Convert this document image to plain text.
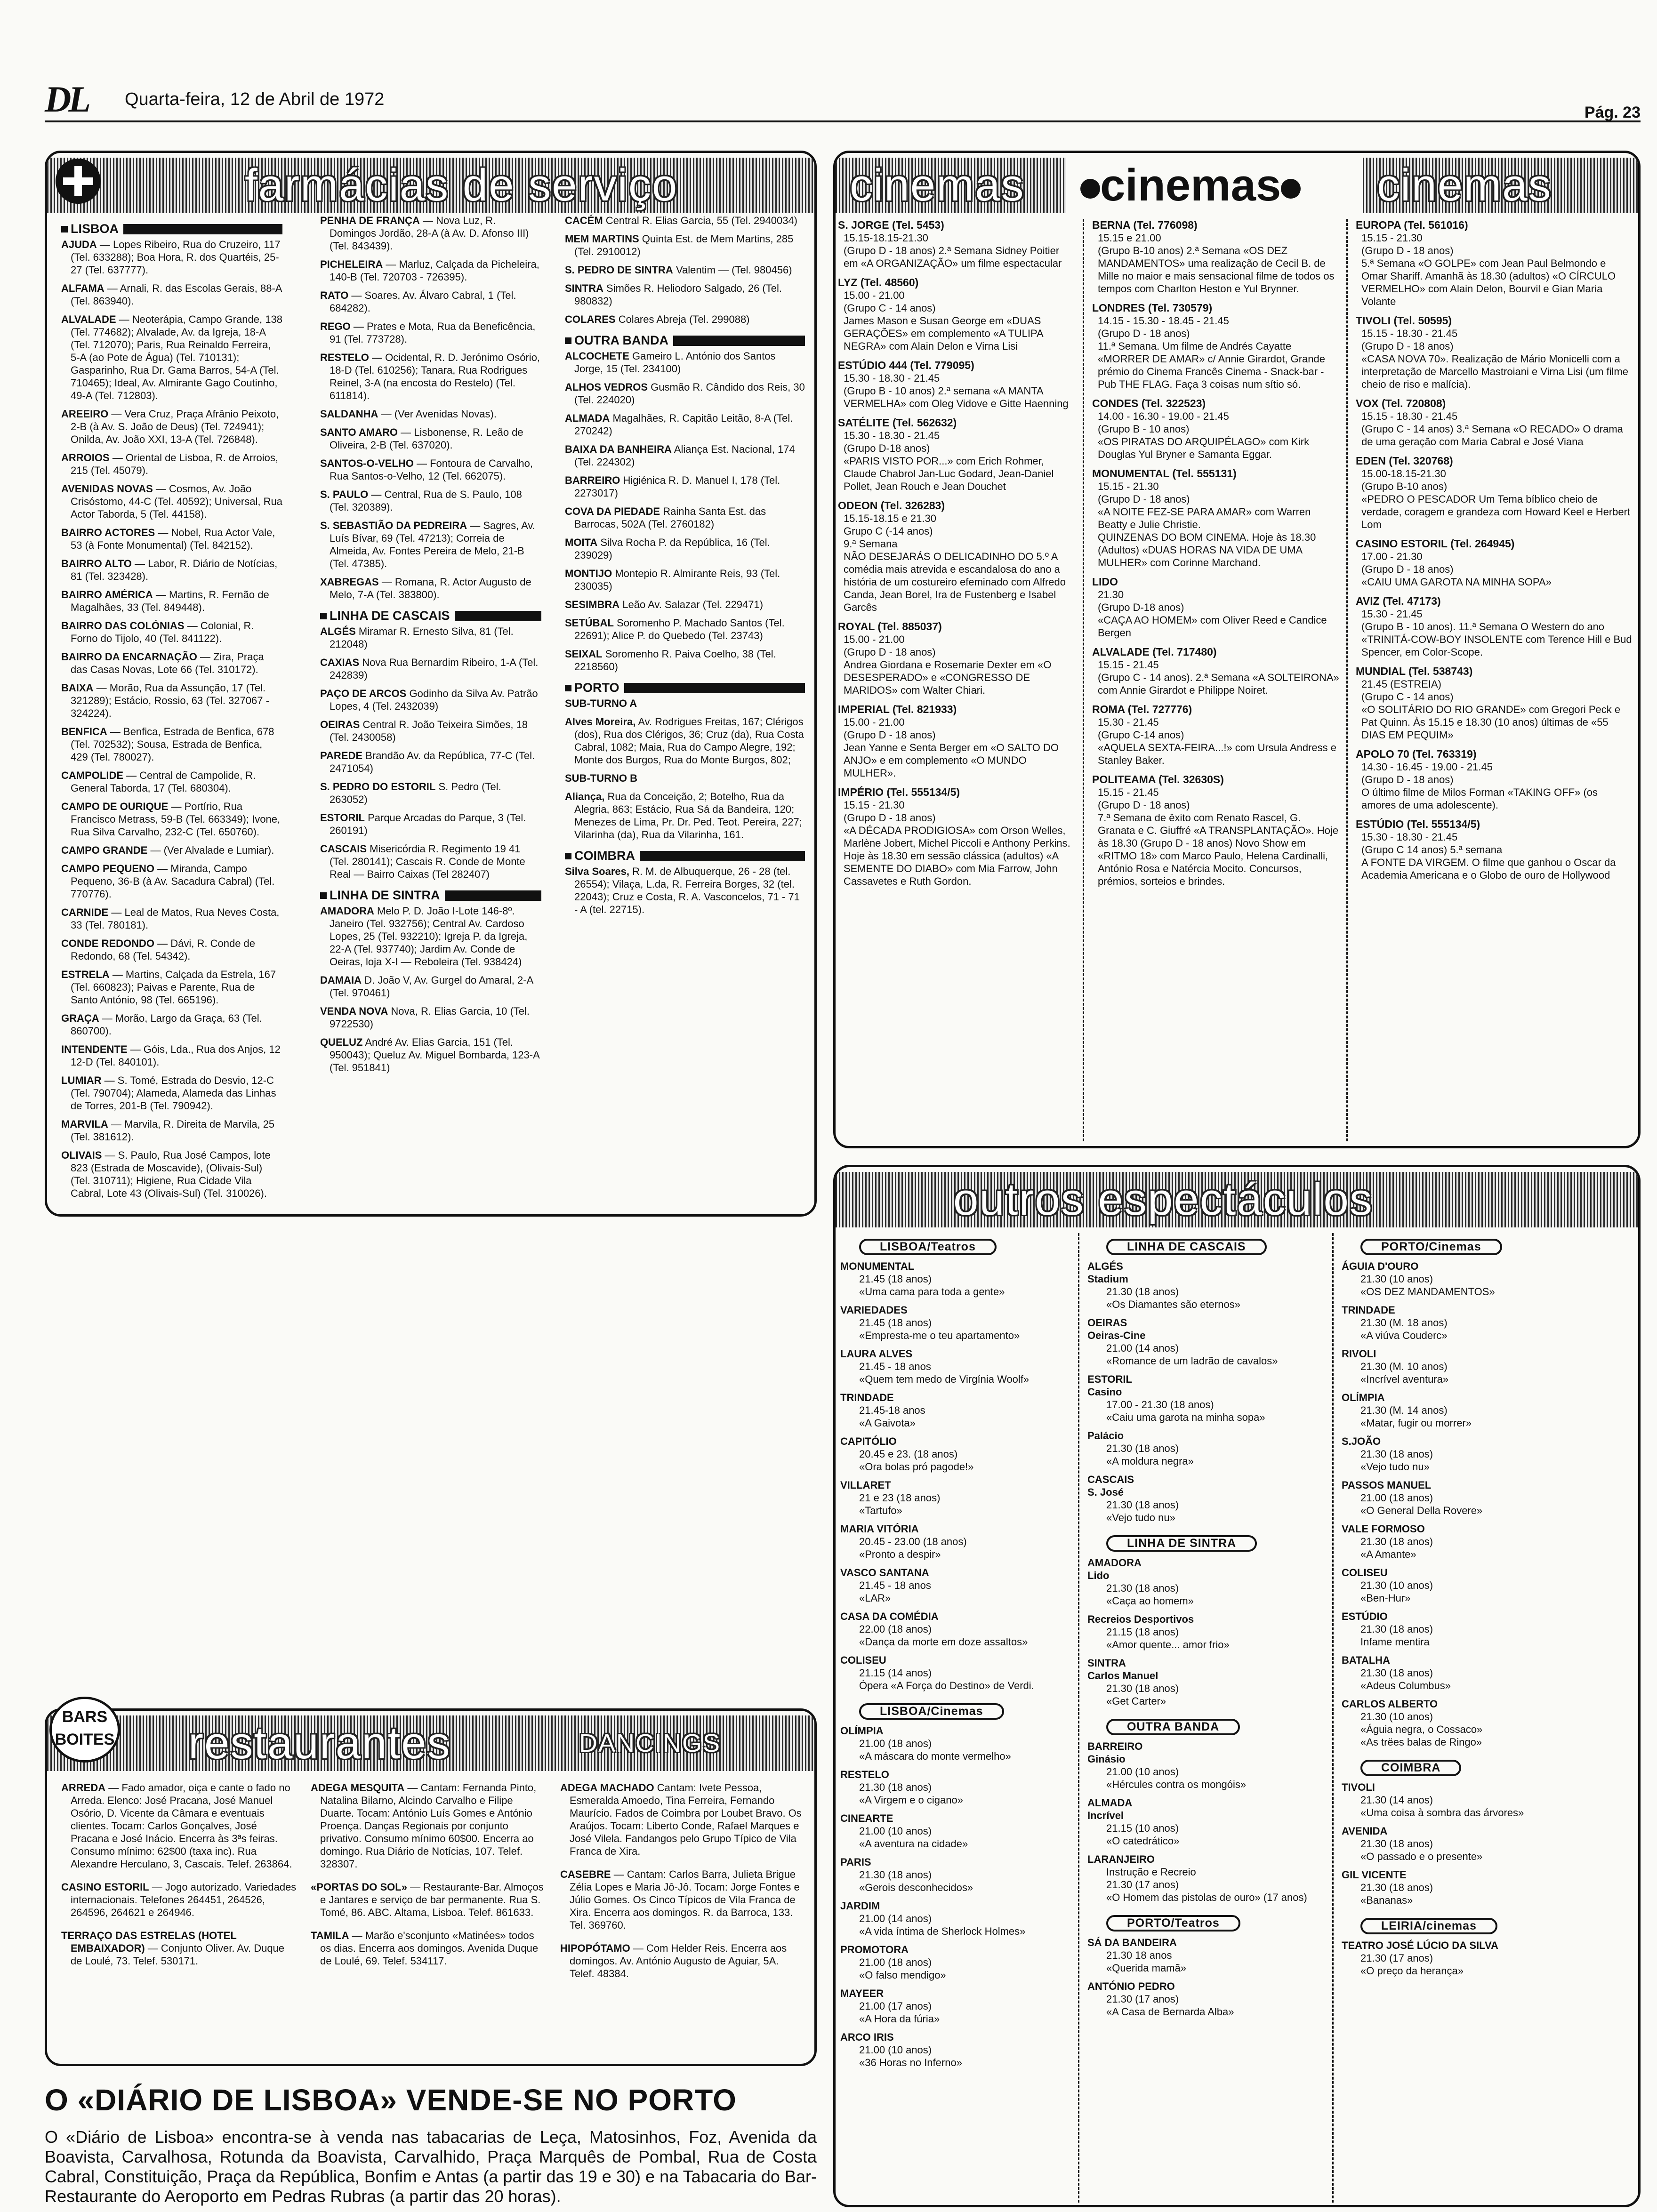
DL Quarta-feira, 12 de Abril de 1972
Pág. 23
farmácias de serviço
LISBOA
AJUDA — Lopes Ribeiro, Rua do Cruzeiro, 117 (Tel. 633288); Boa Hora, R. dos Quartéis, 25-27 (Tel. 637777).
ALFAMA — Arnali, R. das Escolas Gerais, 88-A (Tel. 863940).
ALVALADE — Neoterápia, Campo Grande, 138 (Tel. 774682); Alvalade, Av. da Igreja, 18-A (Tel. 712070); Paris, Rua Reinaldo Ferreira, 5-A (ao Pote de Água) (Tel. 710131); Gasparinho, Rua Dr. Gama Barros, 54-A (Tel. 710465); Ideal, Av. Almirante Gago Coutinho, 49-A (Tel. 712803).
AREEIRO — Vera Cruz, Praça Afrânio Peixoto, 2-B (à Av. S. João de Deus) (Tel. 724941); Onilda, Av. João XXI, 13-A (Tel. 726848).
ARROIOS — Oriental de Lisboa, R. de Arroios, 215 (Tel. 45079).
AVENIDAS NOVAS — Cosmos, Av. João Crisóstomo, 44-C (Tel. 40592); Universal, Rua Actor Taborda, 5 (Tel. 44158).
BAIRRO ACTORES — Nobel, Rua Actor Vale, 53 (à Fonte Monumental) (Tel. 842152).
BAIRRO ALTO — Labor, R. Diário de Notícias, 81 (Tel. 323428).
BAIRRO AMÉRICA — Martins, R. Fernão de Magalhães, 33 (Tel. 849448).
BAIRRO DAS COLÓNIAS — Colonial, R. Forno do Tijolo, 40 (Tel. 841122).
BAIRRO DA ENCARNAÇÃO — Zira, Praça das Casas Novas, Lote 66 (Tel. 310172).
BAIXA — Morão, Rua da Assunção, 17 (Tel. 321289); Estácio, Rossio, 63 (Tel. 327067 - 324224).
BENFICA — Benfica, Estrada de Benfica, 678 (Tel. 702532); Sousa, Estrada de Benfica, 429 (Tel. 780027).
CAMPOLIDE — Central de Campolide, R. General Taborda, 17 (Tel. 680304).
CAMPO DE OURIQUE — Portírio, Rua Francisco Metrass, 59-B (Tel. 663349); Ivone, Rua Silva Carvalho, 232-C (Tel. 650760).
CAMPO GRANDE — (Ver Alvalade e Lumiar).
CAMPO PEQUENO — Miranda, Campo Pequeno, 36-B (à Av. Sacadura Cabral) (Tel. 770776).
CARNIDE — Leal de Matos, Rua Neves Costa, 33 (Tel. 780181).
CONDE REDONDO — Dávi, R. Conde de Redondo, 68 (Tel. 54342).
ESTRELA — Martins, Calçada da Estrela, 167 (Tel. 660823); Paivas e Parente, Rua de Santo António, 98 (Tel. 665196).
GRAÇA — Morão, Largo da Graça, 63 (Tel. 860700).
INTENDENTE — Góis, Lda., Rua dos Anjos, 12 12-D (Tel. 840101).
LUMIAR — S. Tomé, Estrada do Desvio, 12-C (Tel. 790704); Alameda, Alameda das Linhas de Torres, 201-B (Tel. 790942).
MARVILA — Marvila, R. Direita de Marvila, 25 (Tel. 381612).
OLIVAIS — S. Paulo, Rua José Campos, lote 823 (Estrada de Moscavide), (Olivais-Sul) (Tel. 310711); Higiene, Rua Cidade Vila Cabral, Lote 43 (Olivais-Sul) (Tel. 310026).
PENHA DE FRANÇA — Nova Luz, R. Domingos Jordão, 28-A (à Av. D. Afonso III) (Tel. 843439).
PICHELEIRA — Marluz, Calçada da Picheleira, 140-B (Tel. 720703 - 726395).
RATO — Soares, Av. Álvaro Cabral, 1 (Tel. 684282).
REGO — Prates e Mota, Rua da Beneficência, 91 (Tel. 773728).
RESTELO — Ocidental, R. D. Jerónimo Osório, 18-D (Tel. 610256); Tanara, Rua Rodrigues Reinel, 3-A (na encosta do Restelo) (Tel. 611814).
SALDANHA — (Ver Avenidas Novas).
SANTO AMARO — Lisbonense, R. Leão de Oliveira, 2-B (Tel. 637020).
SANTOS-O-VELHO — Fontoura de Carvalho, Rua Santos-o-Velho, 12 (Tel. 662075).
S. PAULO — Central, Rua de S. Paulo, 108 (Tel. 320389).
S. SEBASTIÃO DA PEDREIRA — Sagres, Av. Luís Bívar, 69 (Tel. 47213); Correia de Almeida, Av. Fontes Pereira de Melo, 21-B (Tel. 47385).
XABREGAS — Romana, R. Actor Augusto de Melo, 7-A (Tel. 383800).
LINHA DE CASCAIS
ALGÉS Miramar R. Ernesto Silva, 81 (Tel. 212048)
CAXIAS Nova Rua Bernardim Ribeiro, 1-A (Tel. 242839)
PAÇO DE ARCOS Godinho da Silva Av. Patrão Lopes, 4 (Tel. 2432039)
OEIRAS Central R. João Teixeira Simões, 18 (Tel. 2430058)
PAREDE Brandão Av. da República, 77-C (Tel. 2471054)
S. PEDRO DO ESTORIL S. Pedro (Tel. 263052)
ESTORIL Parque Arcadas do Parque, 3 (Tel. 260191)
CASCAIS Misericórdia R. Regimento 19 41 (Tel. 280141); Cascais R. Conde de Monte Real — Bairro Caixas (Tel 282407)
LINHA DE SINTRA
AMADORA Melo P. D. João I-Lote 146-8º. Janeiro (Tel. 932756); Central Av. Cardoso Lopes, 25 (Tel. 932210); Igreja P. da Igreja, 22-A (Tel. 937740); Jardim Av. Conde de Oeiras, loja X-I — Reboleira (Tel. 938424)
DAMAIA D. João V, Av. Gurgel do Amaral, 2-A (Tel. 970461)
VENDA NOVA Nova, R. Elias Garcia, 10 (Tel. 9722530)
QUELUZ André Av. Elias Garcia, 151 (Tel. 950043); Queluz Av. Miguel Bombarda, 123-A (Tel. 951841)
CACÉM Central R. Elias Garcia, 55 (Tel. 2940034)
MEM MARTINS Quinta Est. de Mem Martins, 285 (Tel. 2910012)
S. PEDRO DE SINTRA Valentim — (Tel. 980456)
SINTRA Simões R. Heliodoro Salgado, 26 (Tel. 980832)
COLARES Colares Abreja (Tel. 299088)
OUTRA BANDA
ALCOCHETE Gameiro L. António dos Santos Jorge, 15 (Tel. 234100)
ALHOS VEDROS Gusmão R. Cândido dos Reis, 30 (Tel. 224020)
ALMADA Magalhães, R. Capitão Leitão, 8-A (Tel. 270242)
BAIXA DA BANHEIRA Aliança Est. Nacional, 174 (Tel. 224302)
BARREIRO Higiénica R. D. Manuel I, 178 (Tel. 2273017)
COVA DA PIEDADE Rainha Santa Est. das Barrocas, 502A (Tel. 2760182)
MOITA Silva Rocha P. da República, 16 (Tel. 239029)
MONTIJO Montepio R. Almirante Reis, 93 (Tel. 230035)
SESIMBRA Leão Av. Salazar (Tel. 229471)
SETÚBAL Soromenho P. Machado Santos (Tel. 22691); Alice P. do Quebedo (Tel. 23743)
SEIXAL Soromenho R. Paiva Coelho, 38 (Tel. 2218560)
PORTO
SUB-TURNO A
Alves Moreira, Av. Rodrigues Freitas, 167; Clérigos (dos), Rua dos Clérigos, 36; Cruz (da), Rua Costa Cabral, 1082; Maia, Rua do Campo Alegre, 192; Monte dos Burgos, Rua do Monte Burgos, 802;
SUB-TURNO B
Aliança, Rua da Conceição, 2; Botelho, Rua da Alegria, 863; Estácio, Rua Sá da Bandeira, 120; Menezes de Lima, Pr. Dr. Ped. Teot. Pereira, 227; Vilarinha (da), Rua da Vilarinha, 161.
COIMBRA
Silva Soares, R. M. de Albuquerque, 26 - 28 (tel. 26554); Vilaça, L.da, R. Ferreira Borges, 32 (tel. 22043); Cruz e Costa, R. A. Vasconcelos, 71 - 71 - A (tel. 22715).
cinemas	cinemas	cinemas
S. JORGE (Tel. 5453)
15.15-18.15-21.30
(Grupo D - 18 anos) 2.ª Semana Sidney Poitier em «A ORGANIZAÇÃO» um filme espectacular
LYZ (Tel. 48560)
15.00 - 21.00
(Grupo C - 14 anos)
James Mason e Susan George em «DUAS GERAÇÕES» em complemento «A TULIPA NEGRA» com Alain Delon e Virna Lisi
ESTÚDIO 444 (Tel. 779095)
15.30 - 18.30 - 21.45
(Grupo B - 10 anos) 2.ª semana «A MANTA VERMELHA» com Oleg Vidove e Gitte Haenning
SATÉLITE (Tel. 562632)
15.30 - 18.30 - 21.45
(Grupo D-18 anos)
«PARIS VISTO POR...» com Erich Rohmer, Claude Chabrol Jan-Luc Godard, Jean-Daniel Pollet, Jean Rouch e Jean Douchet
ODEON (Tel. 326283)
15.15-18.15 e 21.30
Grupo C (-14 anos)
9.ª Semana
NÃO DESEJARÁS O DELICADINHO DO 5.º A comédia mais atrevida e escandalosa do ano a história de um costureiro efeminado com Alfredo Canda, Jean Borel, Ira de Fustenberg e Isabel Garcês
ROYAL (Tel. 885037)
15.00 - 21.00
(Grupo D - 18 anos)
Andrea Giordana e Rosemarie Dexter em «O DESESPERADO» e «CONGRESSO DE MARIDOS» com Walter Chiari.
IMPERIAL (Tel. 821933)
15.00 - 21.00
(Grupo D - 18 anos)
Jean Yanne e Senta Berger em «O SALTO DO ANJO» e em complemento «O MUNDO MULHER».
IMPÉRIO (Tel. 555134/5)
15.15 - 21.30
(Grupo D - 18 anos)
«A DÉCADA PRODIGIOSA» com Orson Welles, Marlène Jobert, Michel Piccoli e Anthony Perkins. Hoje às 18.30 em sessão clássica (adultos) «A SEMENTE DO DIABO» com Mia Farrow, John Cassavetes e Ruth Gordon.
BERNA (Tel. 776098)
15.15 e 21.00
(Grupo B-10 anos) 2.ª Semana «OS DEZ MANDAMENTOS» uma realização de Cecil B. de Mille no maior e mais sensacional filme de todos os tempos com Charlton Heston e Yul Brynner.
LONDRES (Tel. 730579)
14.15 - 15.30 - 18.45 - 21.45
(Grupo D - 18 anos)
11.ª Semana. Um filme de Andrés Cayatte «MORRER DE AMAR» c/ Annie Girardot, Grande prémio do Cinema Francês Cinema - Snack-bar - Pub THE FLAG. Faça 3 coisas num sítio só.
CONDES (Tel. 322523)
14.00 - 16.30 - 19.00 - 21.45
(Grupo B - 10 anos)
«OS PIRATAS DO ARQUIPÉLAGO» com Kirk Douglas Yul Bryner e Samanta Eggar.
MONUMENTAL (Tel. 555131)
15.15 - 21.30
(Grupo D - 18 anos)
«A NOITE FEZ-SE PARA AMAR» com Warren Beatty e Julie Christie.
QUINZENAS DO BOM CINEMA. Hoje às 18.30 (Adultos) «DUAS HORAS NA VIDA DE UMA MULHER» com Corinne Marchand.
LIDO
21.30
(Grupo D-18 anos)
«CAÇA AO HOMEM» com Oliver Reed e Candice Bergen
ALVALADE (Tel. 717480)
15.15 - 21.45
(Grupo C - 14 anos). 2.ª Semana «A SOLTEIRONA» com Annie Girardot e Philippe Noiret.
ROMA (Tel. 727776)
15.30 - 21.45
(Grupo C-14 anos)
«AQUELA SEXTA-FEIRA...!» com Ursula Andress e Stanley Baker.
POLITEAMA (Tel. 32630S)
15.15 - 21.45
(Grupo D - 18 anos)
7.ª Semana de êxito com Renato Rascel, G. Granata e C. Giuffré «A TRANSPLANTAÇÃO». Hoje às 18.30 (Grupo D - 18 anos) Novo Show em «RITMO 18» com Marco Paulo, Helena Cardinalli, António Rosa e Natércia Mocito. Concursos, prémios, sorteios e brindes.
EUROPA (Tel. 561016)
15.15 - 21.30
(Grupo D - 18 anos)
5.ª Semana «O GOLPE» com Jean Paul Belmondo e Omar Shariff. Amanhã às 18.30 (adultos) «O CÍRCULO VERMELHO» com Alain Delon, Bourvil e Gian Maria Volante
TIVOLI (Tel. 50595)
15.15 - 18.30 - 21.45
(Grupo D - 18 anos)
«CASA NOVA 70». Realização de Mário Monicelli com a interpretação de Marcello Mastroiani e Virna Lisi (um filme cheio de riso e malícia).
VOX (Tel. 720808)
15.15 - 18.30 - 21.45
(Grupo C - 14 anos) 3.ª Semana «O RECADO» O drama de uma geração com Maria Cabral e José Viana
EDEN (Tel. 320768)
15.00-18.15-21.30
(Grupo B-10 anos)
«PEDRO O PESCADOR Um Tema bíblico cheio de verdade, coragem e grandeza com Howard Keel e Herbert Lom
CASINO ESTORIL (Tel. 264945)
17.00 - 21.30
(Grupo D - 18 anos)
«CAIU UMA GAROTA NA MINHA SOPA»
AVIZ (Tel. 47173)
15.30 - 21.45
(Grupo B - 10 anos). 11.ª Semana O Western do ano «TRINITÁ-COW-BOY INSOLENTE com Terence Hill e Bud Spencer, em Color-Scope.
MUNDIAL (Tel. 538743)
21.45 (ESTREIA)
(Grupo C - 14 anos)
«O SOLITÁRIO DO RIO GRANDE» com Gregori Peck e Pat Quinn. Às 15.15 e 18.30 (10 anos) últimas de «55 DIAS EM PEQUIM»
APOLO 70 (Tel. 763319)
14.30 - 16.45 - 19.00 - 21.45
(Grupo D - 18 anos)
O último filme de Milos Forman «TAKING OFF» (os amores de uma adolescente).
ESTÚDIO (Tel. 555134/5)
15.30 - 18.30 - 21.45
(Grupo C 14 anos) 5.ª semana
A FONTE DA VIRGEM. O filme que ganhou o Oscar da Academia Americana e o Globo de ouro de Hollywood
outros espectáculos
LISBOA/Teatros
MONUMENTAL
21.45 (18 anos)
«Uma cama para toda a gente»
VARIEDADES
21.45 (18 anos)
«Empresta-me o teu apartamento»
LAURA ALVES
21.45 - 18 anos
«Quem tem medo de Virgínia Woolf»
TRINDADE
21.45-18 anos
«A Gaivota»
CAPITÓLIO
20.45 e 23. (18 anos)
«Ora bolas pró pagode!»
VILLARET
21 e 23 (18 anos)
«Tartufo»
MARIA VITÓRIA
20.45 - 23.00 (18 anos)
«Pronto a despir»
VASCO SANTANA
21.45 - 18 anos
«LAR»
CASA DA COMÉDIA
22.00 (18 anos)
«Dança da morte em doze assaltos»
COLISEU
21.15 (14 anos)
Ópera «A Força do Destino» de Verdi.
LISBOA/Cinemas
OLÍMPIA
21.00 (18 anos)
«A máscara do monte vermelho»
RESTELO
21.30 (18 anos)
«A Virgem e o cigano»
CINEARTE
21.00 (10 anos)
«A aventura na cidade»
PARIS
21.30 (18 anos)
«Gerois desconhecidos»
JARDIM
21.00 (14 anos)
«A vida íntima de Sherlock Holmes»
PROMOTORA
21.00 (18 anos)
«O falso mendigo»
MAYEER
21.00 (17 anos)
«A Hora da fúria»
ARCO IRIS
21.00 (10 anos)
«36 Horas no Inferno»
LINHA DE CASCAIS
ALGÉS
Stadium
21.30 (18 anos)
«Os Diamantes são eternos»
OEIRAS
Oeiras-Cine
21.00 (14 anos)
«Romance de um ladrão de cavalos»
ESTORIL
Casino
17.00 - 21.30 (18 anos)
«Caiu uma garota na minha sopa»
Palácio
21.30 (18 anos)
«A moldura negra»
CASCAIS
S. José
21.30 (18 anos)
«Vejo tudo nu»
LINHA DE SINTRA
AMADORA
Lido
21.30 (18 anos)
«Caça ao homem»
Recreios Desportivos
21.15 (18 anos)
«Amor quente... amor frio»
SINTRA
Carlos Manuel
21.30 (18 anos)
«Get Carter»
OUTRA BANDA
BARREIRO
Ginásio
21.00 (10 anos)
«Hércules contra os mongóis»
ALMADA
Incrível
21.15 (10 anos)
«O catedrático»
LARANJEIRO
Instrução e Recreio
21.30 (17 anos)
«O Homem das pistolas de ouro» (17 anos)
PORTO/Teatros
SÁ DA BANDEIRA
21.30 18 anos
«Querida mamã»
ANTÓNIO PEDRO
21.30 (17 anos)
«A Casa de Bernarda Alba»
PORTO/Cinemas
ÁGUIA D'OURO
21.30 (10 anos)
«OS DEZ MANDAMENTOS»
TRINDADE
21.30 (M. 18 anos)
«A viúva Couderc»
RIVOLI
21.30 (M. 10 anos)
«Incrível aventura»
OLÍMPIA
21.30 (M. 14 anos)
«Matar, fugir ou morrer»
S.JOÃO
21.30 (18 anos)
«Vejo tudo nu»
PASSOS MANUEL
21.00 (18 anos)
«O General Della Rovere»
VALE FORMOSO
21.30 (18 anos)
«A Amante»
COLISEU
21.30 (10 anos)
«Ben-Hur»
ESTÚDIO
21.30 (18 anos)
Infame mentira
BATALHA
21.30 (18 anos)
«Adeus Columbus»
CARLOS ALBERTO
21.30 (10 anos)
«Águia negra, o Cossaco»
«As trëes balas de Ringo»
COIMBRA
TIVOLI
21.30 (14 anos)
«Uma coisa à sombra das árvores»
AVENIDA
21.30 (18 anos)
«O passado e o presente»
GIL VICENTE
21.30 (18 anos)
«Bananas»
LEIRIA/cinemas
TEATRO JOSÉ LÚCIO DA SILVA
21.30 (17 anos)
«O preço da herança»
restaurantes	DANCINGS
ARREDA — Fado amador, oiça e cante o fado no Arreda. Elenco: José Pracana, José Manuel Osório, D. Vicente da Câmara e eventuais clientes. Tocam: Carlos Gonçalves, José Pracana e José Inácio. Encerra às 3ªs feiras. Consumo mínimo: 62$00 (taxa inc). Rua Alexandre Herculano, 3, Cascais. Telef. 263864.
CASINO ESTORIL — Jogo autorizado. Variedades internacionais. Telefones 264451, 264526, 264596, 264621 e 264946.
TERRAÇO DAS ESTRELAS (HOTEL EMBAIXADOR) — Conjunto Oliver. Av. Duque de Loulé, 73. Telef. 530171.
ADEGA MESQUITA — Cantam: Fernanda Pinto, Natalina Bilarno, Alcindo Carvalho e Filipe Duarte. Tocam: António Luís Gomes e António Proença. Danças Regionais por conjunto privativo. Consumo mínimo 60$00. Encerra ao domingo. Rua Diário de Notícias, 107. Telef. 328307.
«PORTAS DO SOL» — Restaurante-Bar. Almoços e Jantares e serviço de bar permanente. Rua S. Tomé, 86. ABC. Altama, Lisboa. Telef. 861633.
TAMILA — Marão e'sconjunto «Matinées» todos os dias. Encerra aos domingos. Avenida Duque de Loulé, 69. Telef. 534117.
ADEGA MACHADO Cantam: Ivete Pessoa, Esmeralda Amoedo, Tina Ferreira, Fernando Maurício. Fados de Coimbra por Loubet Bravo. Os Araújos. Tocam: Liberto Conde, Rafael Marques e José Vilela. Fandangos pelo Grupo Típico de Vila Franca de Xira.
CASEBRE — Cantam: Carlos Barra, Julieta Brigue Zélia Lopes e Maria Jô-Jô. Tocam: Jorge Fontes e Júlio Gomes. Os Cinco Típicos de Vila Franca de Xira. Encerra aos domingos. R. da Barroca, 133. Tel. 369760.
HIPOPÓTAMO — Com Helder Reis. Encerra aos domingos. Av. António Augusto de Aguiar, 5A. Telef. 48384.
BARS
BOITES
O «DIÁRIO DE LISBOA» VENDE-SE NO PORTO
O «Diário de Lisboa» encontra-se à venda nas tabacarias de Leça, Matosinhos, Foz, Avenida da Boavista, Carvalhosa, Rotunda da Boavista, Carvalhido, Praça Marquês de Pombal, Rua de Costa Cabral, Constituição, Praça da República, Bonfim e Antas (a partir das 19 e 30) e na Tabacaria do Bar-Restaurante do Aeroporto em Pedras Rubras (a partir das 20 horas).
